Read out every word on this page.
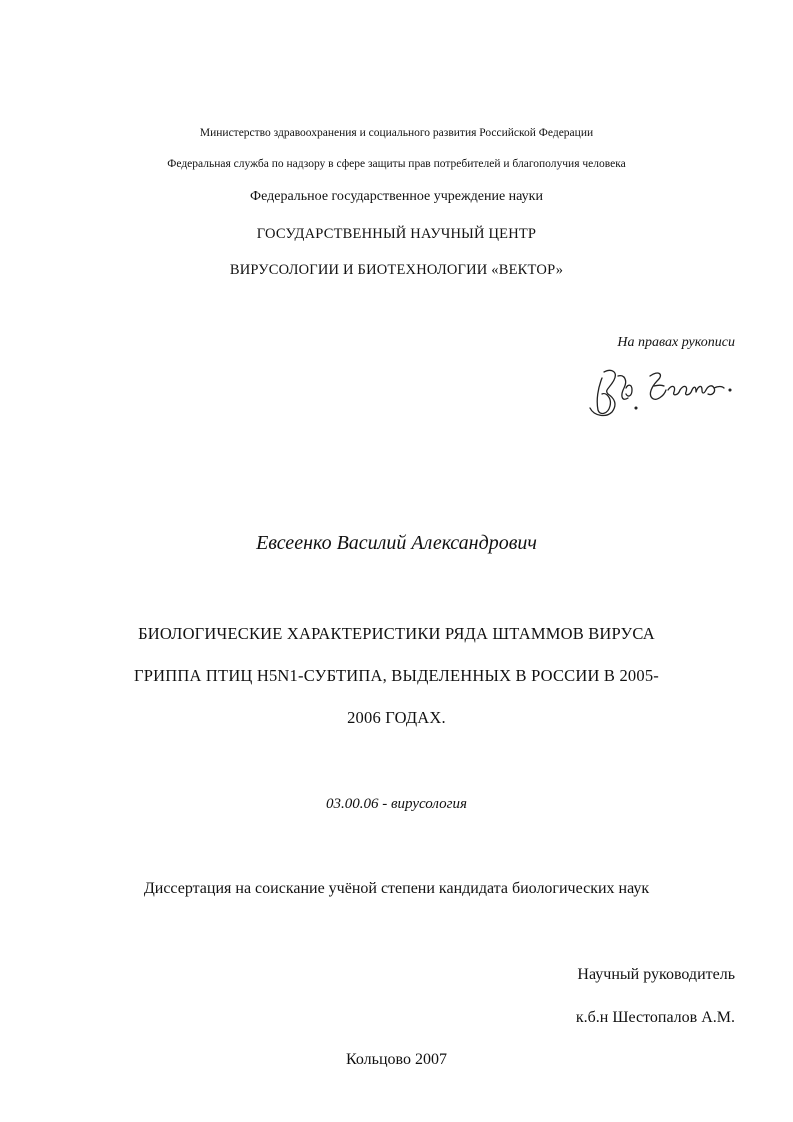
Министерство здравоохранения и социального развития Российской Федерации
Федеральная служба по надзору в сфере защиты прав потребителей и благополучия человека
Федеральное государственное учреждение науки
ГОСУДАРСТВЕННЫЙ НАУЧНЫЙ ЦЕНТР
ВИРУСОЛОГИИ И БИОТЕХНОЛОГИИ «ВЕКТОР»
На правах рукописи
Евсеенко Василий Александрович
БИОЛОГИЧЕСКИЕ ХАРАКТЕРИСТИКИ РЯДА ШТАММОВ ВИРУСА
ГРИППА ПТИЦ H5N1-СУБТИПА, ВЫДЕЛЕННЫХ В РОССИИ В 2005-
2006 ГОДАХ.
03.00.06 - вирусология
Диссертация на соискание учёной степени кандидата биологических наук
Научный руководитель
к.б.н Шестопалов А.М.
Кольцово 2007
